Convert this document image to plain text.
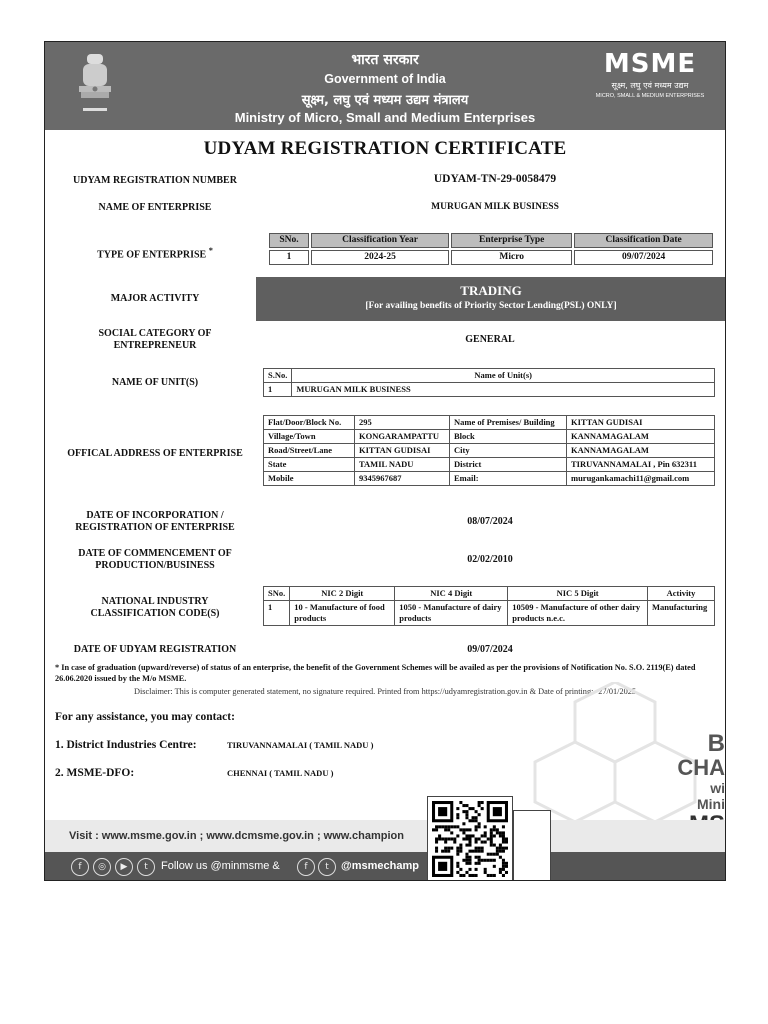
भारत सरकार
Government of India
सूक्ष्म, लघु एवं मध्यम उद्यम मंत्रालय
Ministry of Micro, Small and Medium Enterprises
MSME
सूक्ष्म, लघु एवं मध्यम उद्यम
MICRO, SMALL & MEDIUM ENTERPRISES
UDYAM REGISTRATION CERTIFICATE
UDYAM REGISTRATION NUMBER	UDYAM-TN-29-0058479
NAME OF ENTERPRISE	MURUGAN MILK BUSINESS
TYPE OF ENTERPRISE *
SNo.	Classification Year	Enterprise Type	Classification Date
1	2024-25	Micro	09/07/2024
MAJOR ACTIVITY
TRADING
[For availing benefits of Priority Sector Lending(PSL) ONLY]
SOCIAL CATEGORY OF
ENTREPRENEUR
GENERAL
NAME OF UNIT(S)
S.No.	Name of Unit(s)
1	MURUGAN MILK BUSINESS
OFFICAL ADDRESS OF ENTERPRISE
Flat/Door/Block No.	295	Name of Premises/ Building	KITTAN GUDISAI
Village/Town	KONGARAMPATTU	Block	KANNAMAGALAM
Road/Street/Lane	KITTAN GUDISAI	City	KANNAMAGALAM
State	TAMIL NADU	District	TIRUVANNAMALAI , Pin 632311
Mobile	9345967687	Email:	murugankamachi11@gmail.com
DATE OF INCORPORATION /
REGISTRATION OF ENTERPRISE
08/07/2024
DATE OF COMMENCEMENT OF
PRODUCTION/BUSINESS
02/02/2010
NATIONAL INDUSTRY
CLASSIFICATION CODE(S)
SNo.	NIC 2 Digit	NIC 4 Digit	NIC 5 Digit	Activity
1	10 - Manufacture of food products	1050 - Manufacture of dairy products	10509 - Manufacture of other dairy products n.e.c.	Manufacturing
DATE OF UDYAM REGISTRATION	09/07/2024
* In case of graduation (upward/reverse) of status of an enterprise, the benefit of the Government Schemes will be availed as per the provisions of Notification No. S.O. 2119(E) dated 26.06.2020 issued by the M/o MSME.
Disclaimer: This is computer generated statement, no signature required. Printed from https://udyamregistration.gov.in & Date of printing:- 27/01/2025
For any assistance, you may contact:
1. District Industries Centre:	TIRUVANNAMALAI ( TAMIL NADU )
2. MSME-DFO:	CHENNAI ( TAMIL NADU )
B
CHA
wi
Mini
Visit : www.msme.gov.in ; www.dcmsme.gov.in ; www.champion
f	◎	▶	t	Follow us @minmsme &	f	t	@msmechamp
